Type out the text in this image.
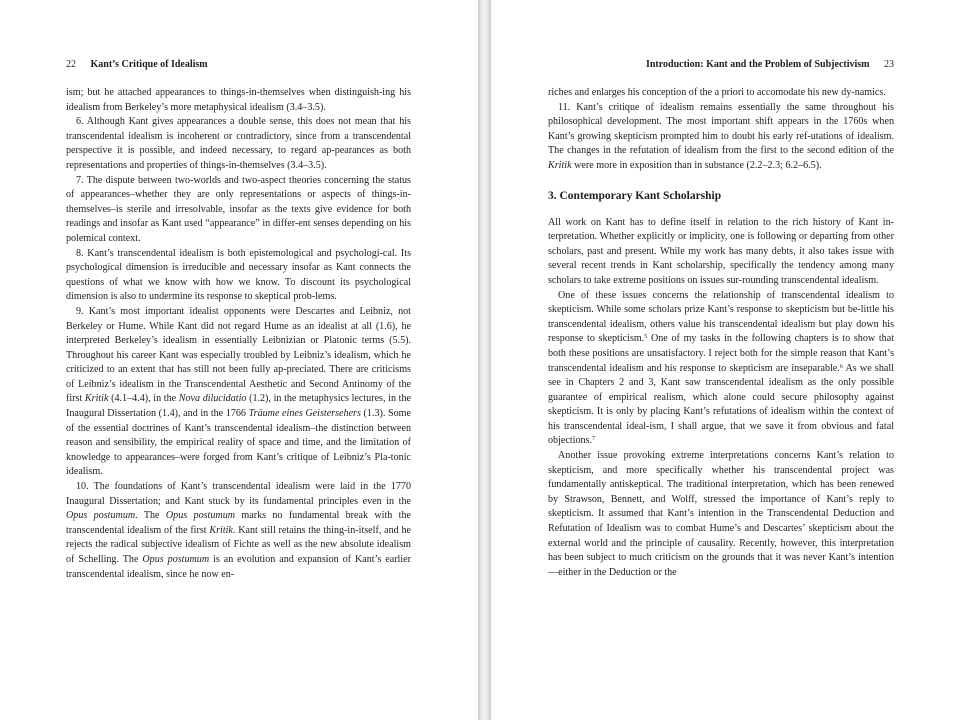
22 Kant’s Critique of Idealism

ism; but he attached appearances to things-in-themselves when distinguish-ing his idealism from Berkeley’s more metaphysical idealism (3.4–3.5).

6. Although Kant gives appearances a double sense, this does not mean that his transcendental idealism is incoherent or contradictory, since from a transcendental perspective it is possible, and indeed necessary, to regard ap-pearances as both representations and properties of things-in-themselves (3.4–3.5).

7. The dispute between two-worlds and two-aspect theories concerning the status of appearances–whether they are only representations or aspects of things-in-themselves–is sterile and irresolvable, insofar as the texts give evidence for both readings and insofar as Kant used “appearance” in differ-ent senses depending on his polemical context.

8. Kant’s transcendental idealism is both epistemological and psychologi-cal. Its psychological dimension is irreducible and necessary insofar as Kant connects the questions of what we know with how we know. To discount its psychological dimension is also to undermine its response to skeptical prob-lems.

9. Kant’s most important idealist opponents were Descartes and Leibniz, not Berkeley or Hume. While Kant did not regard Hume as an idealist at all (1.6), he interpreted Berkeley’s idealism in essentially Leibnizian or Platonic terms (5.5). Throughout his career Kant was especially troubled by Leibniz’s idealism, which he criticized to an extent that has still not been fully ap-preciated. There are criticisms of Leibniz’s idealism in the Transcendental Aesthetic and Second Antinomy of the first Kritik (4.1–4.4), in the Nova dilucidatio (1.2), in the metaphysics lectures, in the Inaugural Dissertation (1.4), and in the 1766 Träume eines Geistersehers (1.3). Some of the essential doctrines of Kant’s transcendental idealism–the distinction between reason and sensibility, the empirical reality of space and time, and the limitation of knowledge to appearances–were forged from Kant’s critique of Leibniz’s Pla-tonic idealism.

10. The foundations of Kant’s transcendental idealism were laid in the 1770 Inaugural Dissertation; and Kant stuck by its fundamental principles even in the Opus postumum. The Opus postumum marks no fundamental break with the transcendental idealism of the first Kritik. Kant still retains the thing-in-itself, and he rejects the radical subjective idealism of Fichte as well as the new absolute idealism of Schelling. The Opus postumum is an evolution and expansion of Kant’s earlier transcendental idealism, since he now en-

Introduction: Kant and the Problem of Subjectivism 23

riches and enlarges his conception of the a priori to accomodate his new dy-namics.

11. Kant’s critique of idealism remains essentially the same throughout his philosophical development. The most important shift appears in the 1760s when Kant’s growing skepticism prompted him to doubt his early ref-utations of idealism. The changes in the refutation of idealism from the first to the second edition of the Kritik were more in exposition than in substance (2.2–2.3; 6.2–6.5).

3. Contemporary Kant Scholarship

All work on Kant has to define itself in relation to the rich history of Kant in-terpretation. Whether explicitly or implicity, one is following or departing from other scholars, past and present. While my work has many debts, it also takes issue with several recent trends in Kant scholarship, specifically the tendency among many scholars to take extreme positions on issues sur-rounding transcendental idealism.

One of these issues concerns the relationship of transcendental idealism to skepticism. While some scholars prize Kant’s response to skepticism but be-little his transcendental idealism, others value his transcendental idealism but play down his response to skepticism.$^5$ One of my tasks in the following chapters is to show that both these positions are unsatisfactory. I reject both for the simple reason that Kant’s transcendental idealism and his response to skepticism are inseparable.$^6$ As we shall see in Chapters 2 and 3, Kant saw transcendental idealism as the only possible guarantee of empirical realism, which alone could secure philosophy against skepticism. It is only by placing Kant’s refutations of idealism within the context of his transcendental ideal-ism, I shall argue, that we save it from obvious and fatal objections.$^7$

Another issue provoking extreme interpretations concerns Kant’s relation to skepticism, and more specifically whether his transcendental project was fundamentally antiskeptical. The traditional interpretation, which has been renewed by Strawson, Bennett, and Wolff, stressed the importance of Kant’s reply to skepticism. It assumed that Kant’s intention in the Transcendental Deduction and Refutation of Idealism was to combat Hume’s and Descartes’ skepticism about the external world and the principle of causality. Recently, however, this interpretation has been subject to much criticism on the grounds that it was never Kant’s intention—either in the Deduction or the
